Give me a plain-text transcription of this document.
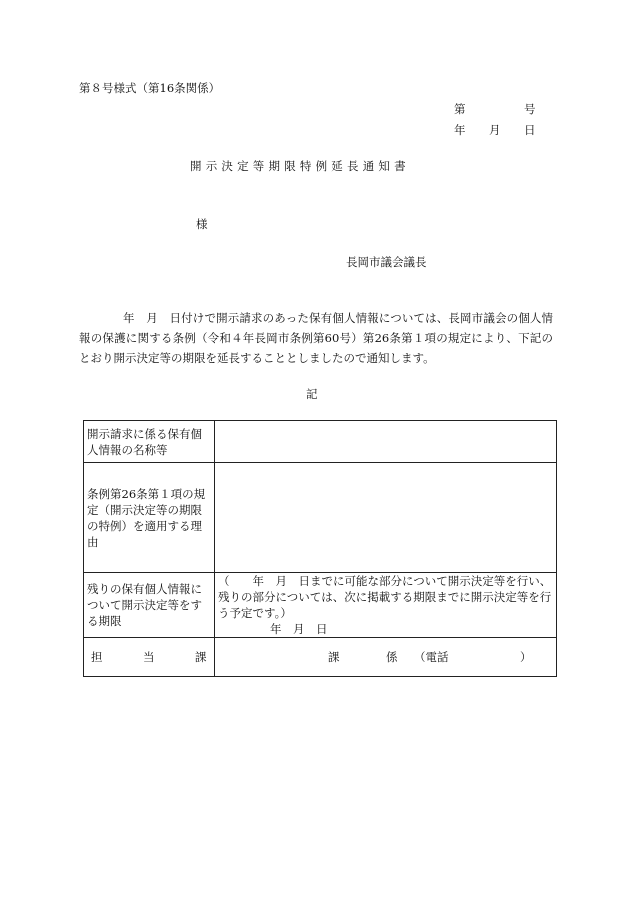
第８号様式（第16条関係）
第	号
年 月 日
開示決定等期限特例延長通知書
様
長岡市議会議長
年　月　日付けで開示請求のあった保有個人情報については、長岡市議会の個人情報の保護に関する条例（令和４年長岡市条例第60号）第26条第１項の規定により、下記のとおり開示決定等の期限を延長することとしましたので通知します。
記
開示請求に係る保有個人情報の名称等	
条例第26条第１項の規定（開示決定等の期限の特例）を適用する理由	
残りの保有個人情報について開示決定等をする期限	（　　年　月　日までに可能な部分について開示決定等を行い、残りの部分については、次に掲載する期限までに開示決定等を行う予定です。）
年　月　日

担 当 課	課 係 （電話 ）
